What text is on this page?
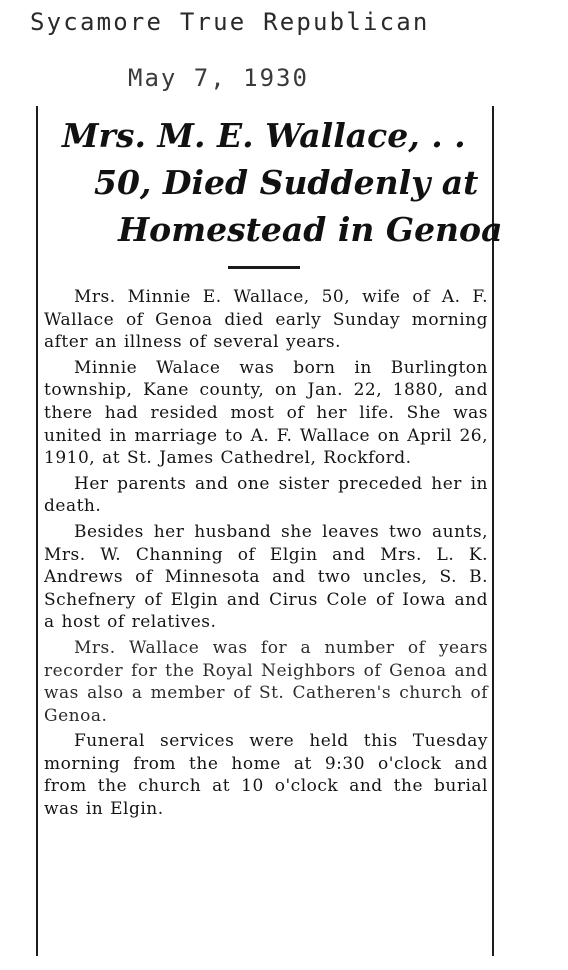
Sycamore True Republican
May 7, 1930
Mrs. M. E. Wallace, . .
50, Died Suddenly at
Homestead in Genoa

Mrs. Minnie E. Wallace, 50, wife of A. F. Wallace of Genoa died early Sunday morning after an illness of several years.

Minnie Walace was born in Burlington township, Kane county, on Jan. 22, 1880, and there had resided most of her life. She was united in marriage to A. F. Wallace on April 26, 1910, at St. James Cathedrel, Rockford.

Her parents and one sister preceded her in death.

Besides her husband she leaves two aunts, Mrs. W. Channing of Elgin and Mrs. L. K. Andrews of Minnesota and two uncles, S. B. Schefnery of Elgin and Cirus Cole of Iowa and a host of relatives.

Mrs. Wallace was for a number of years recorder for the Royal Neighbors of Genoa and was also a member of St. Catheren's church of Genoa.

Funeral services were held this Tuesday morning from the home at 9:30 o'clock and from the church at 10 o'clock and the burial was in Elgin.
